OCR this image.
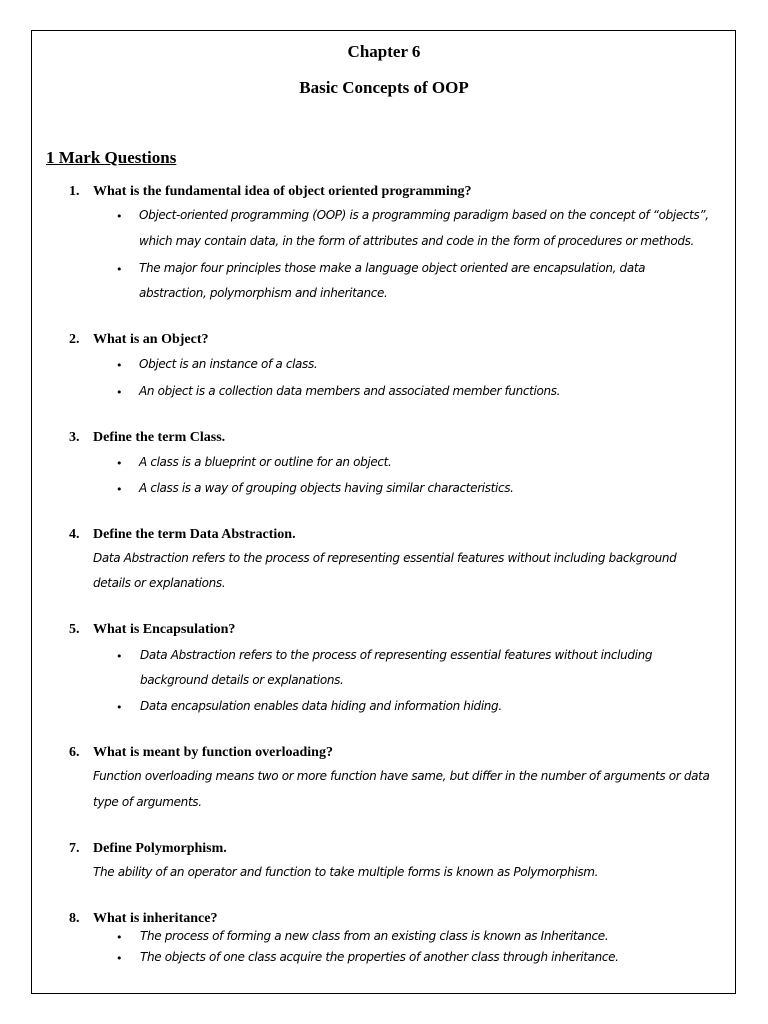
Chapter 6
Basic Concepts of OOP
1 Mark Questions
1. What is the fundamental idea of object oriented programming?
• Object-oriented programming (OOP) is a programming paradigm based on the concept of “objects”,
which may contain data, in the form of attributes and code in the form of procedures or methods.
• The major four principles those make a language object oriented are encapsulation, data
abstraction, polymorphism and inheritance.
2. What is an Object?
• Object is an instance of a class.
• An object is a collection data members and associated member functions.
3. Define the term Class.
• A class is a blueprint or outline for an object.
• A class is a way of grouping objects having similar characteristics.
4. Define the term Data Abstraction.
Data Abstraction refers to the process of representing essential features without including background
details or explanations.
5. What is Encapsulation?
• Data Abstraction refers to the process of representing essential features without including
background details or explanations.
• Data encapsulation enables data hiding and information hiding.
6. What is meant by function overloading?
Function overloading means two or more function have same, but differ in the number of arguments or data
type of arguments.
7. Define Polymorphism.
The ability of an operator and function to take multiple forms is known as Polymorphism.
8. What is inheritance?
• The process of forming a new class from an existing class is known as Inheritance.
• The objects of one class acquire the properties of another class through inheritance.
